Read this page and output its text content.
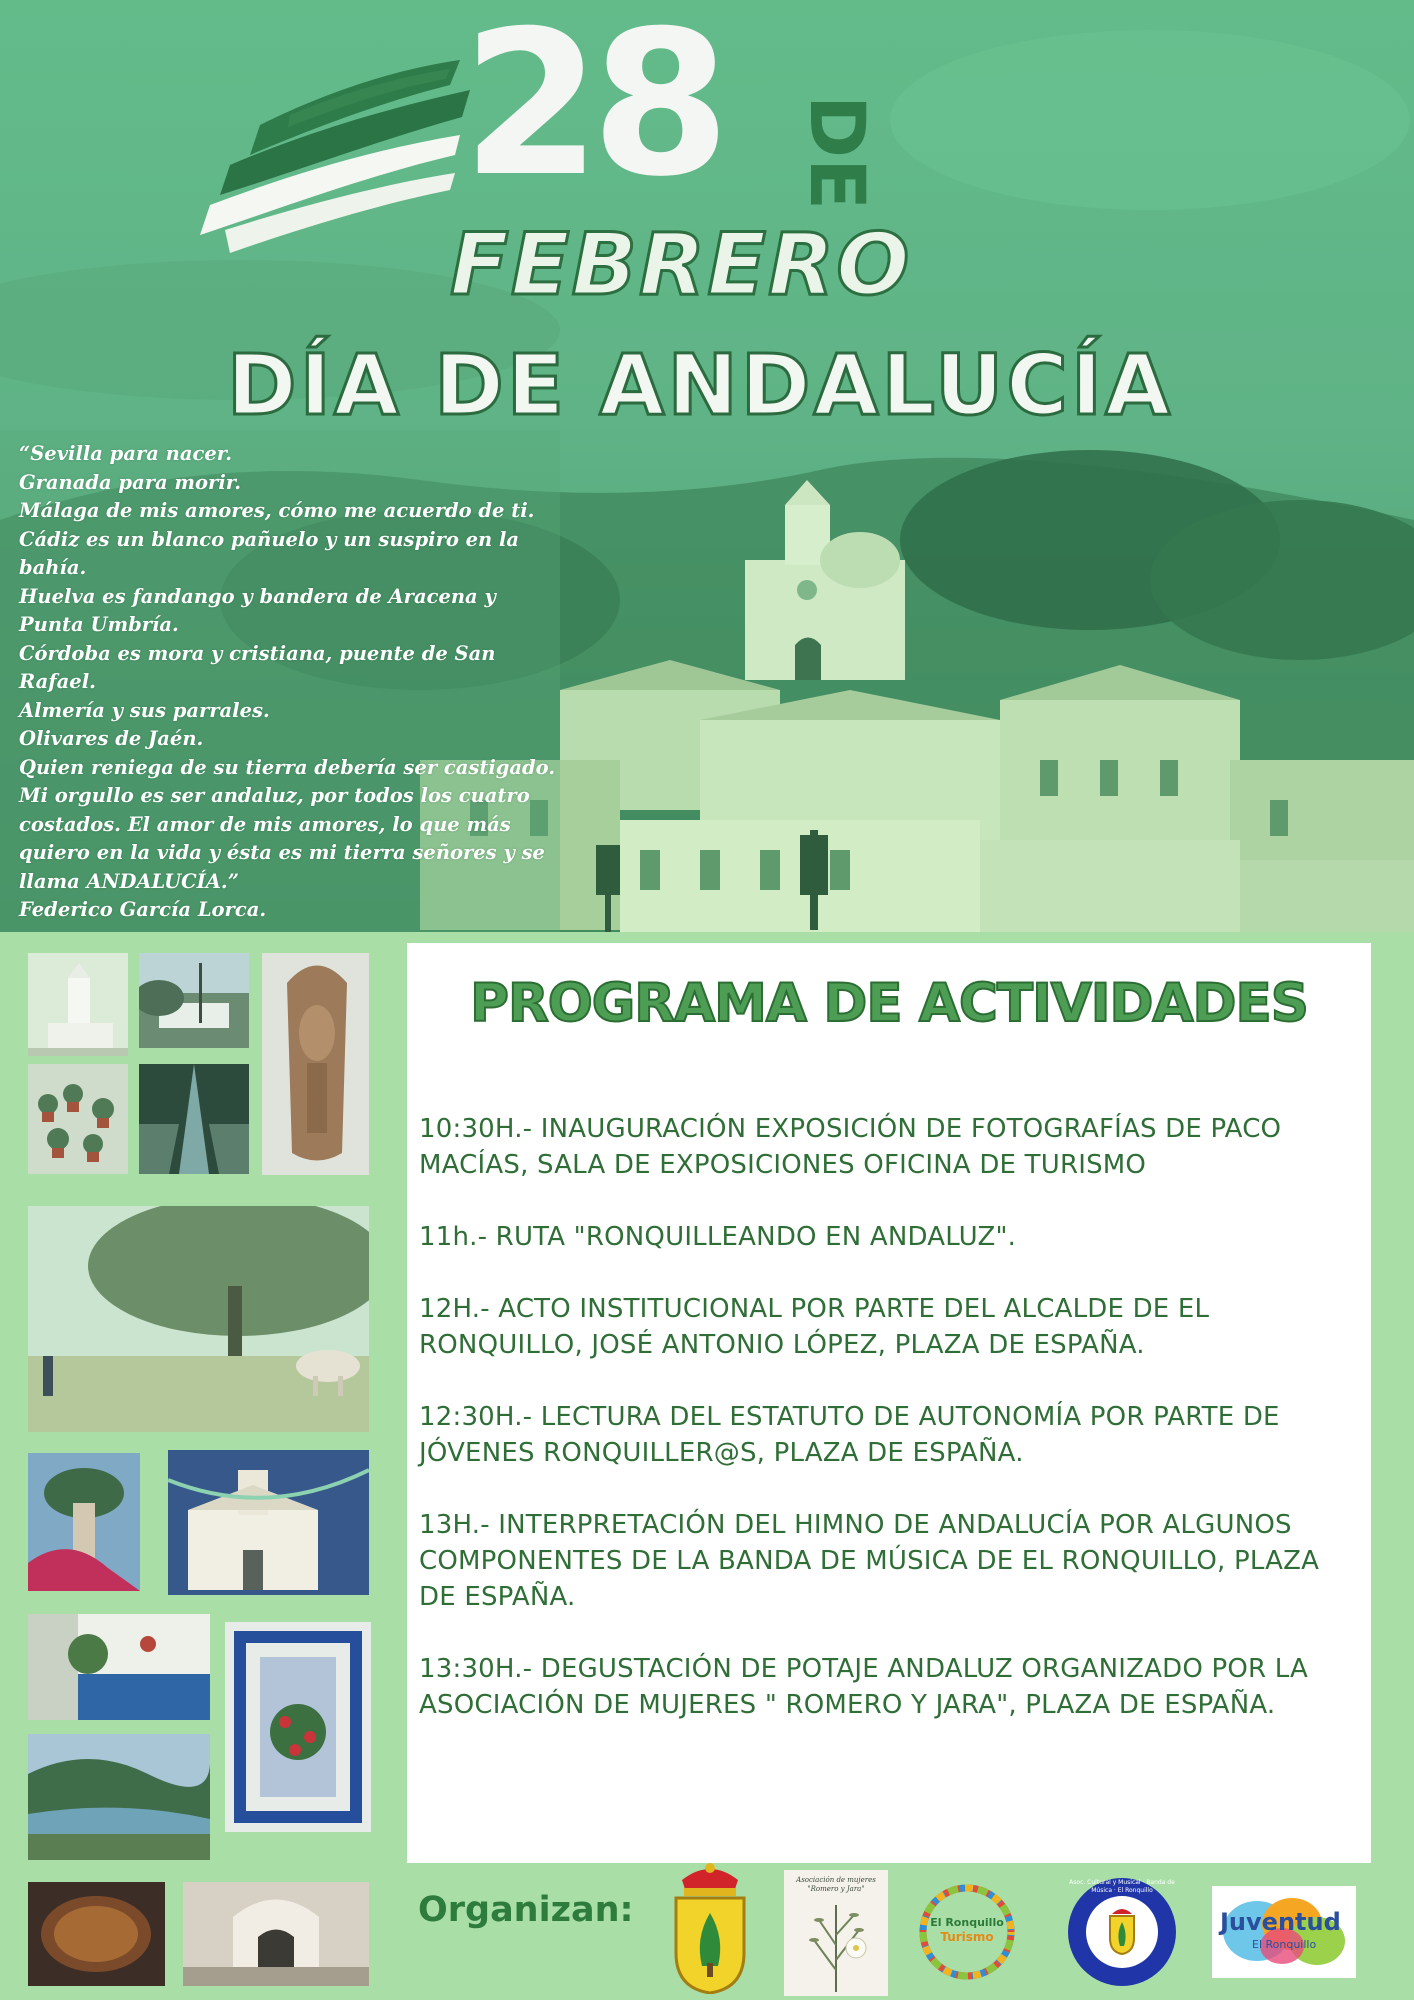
28 DE
FEBRERO
DÍA DE ANDALUCÍA

“Sevilla para nacer.
Granada para morir.
Málaga de mis amores, cómo me acuerdo de ti.
Cádiz es un blanco pañuelo y un suspiro en la bahía.
Huelva es fandango y bandera de Aracena y Punta Umbría.
Córdoba es mora y cristiana, puente de San Rafael.
Almería y sus parrales.
Olivares de Jaén.
Quien reniega de su tierra debería ser castigado. Mi orgullo es ser andaluz, por todos los cuatro costados. El amor de mis amores, lo que más quiero en la vida y ésta es mi tierra señores y se llama ANDALUCÍA.”
Federico García Lorca.

PROGRAMA DE ACTIVIDADES
10:30H.- INAUGURACIÓN EXPOSICIÓN DE FOTOGRAFÍAS DE PACO MACÍAS, SALA DE EXPOSICIONES OFICINA DE TURISMO
11h.- RUTA "RONQUILLEANDO EN ANDALUZ".
12H.- ACTO INSTITUCIONAL POR PARTE DEL ALCALDE DE EL RONQUILLO, JOSÉ ANTONIO LÓPEZ, PLAZA DE ESPAÑA.
12:30H.- LECTURA DEL ESTATUTO DE AUTONOMÍA POR PARTE DE JÓVENES RONQUILLER@S, PLAZA DE ESPAÑA.
13H.- INTERPRETACIÓN DEL HIMNO DE ANDALUCÍA POR ALGUNOS COMPONENTES DE LA BANDA DE MÚSICA DE EL RONQUILLO, PLAZA DE ESPAÑA.
13:30H.- DEGUSTACIÓN DE POTAJE ANDALUZ ORGANIZADO POR LA ASOCIACIÓN DE MUJERES " ROMERO Y JARA", PLAZA DE ESPAÑA.
Organizan:
Asociación de mujeres
"Romero y Jara"
El Ronquillo
Turismo
Asoc. Cultural y Musical · Banda de Música · El Ronquillo
Juventud
El Ronquillo
